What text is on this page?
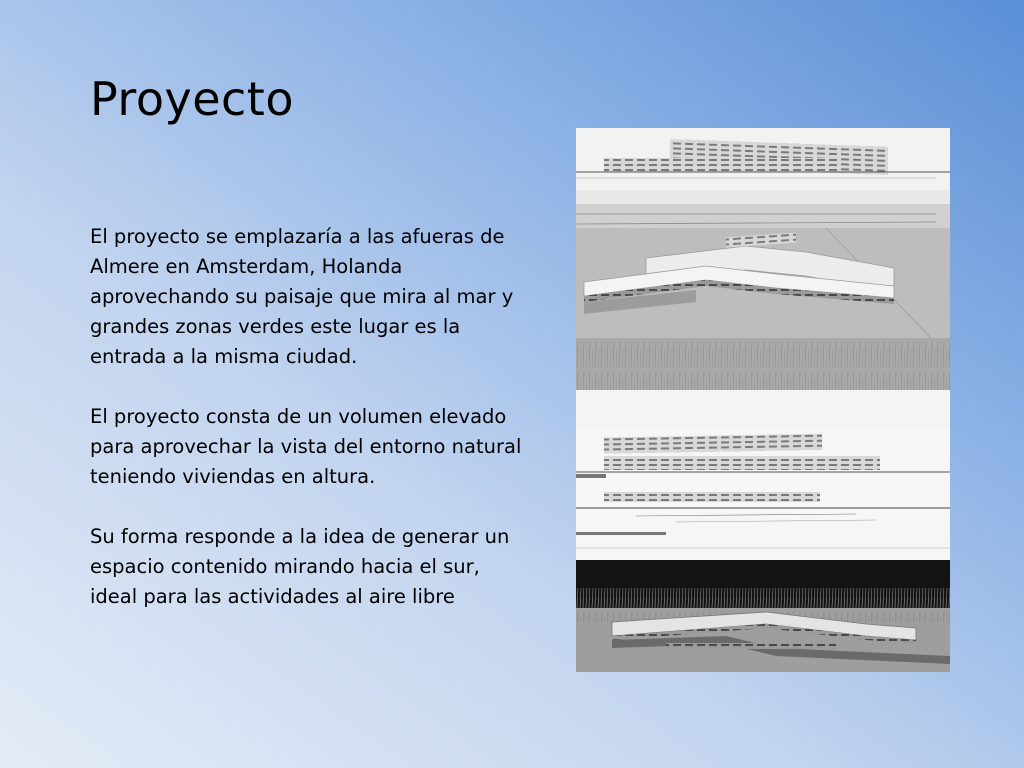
Proyecto

El proyecto se emplazaría a las afueras de Almere en Amsterdam, Holanda aprovechando su paisaje que mira al mar y grandes zonas verdes este lugar es la entrada a la misma ciudad.

El proyecto consta de un volumen elevado para aprovechar la vista del entorno natural teniendo viviendas en altura.

Su forma responde a la idea de generar un espacio contenido mirando hacia el sur, ideal para las actividades al aire libre
